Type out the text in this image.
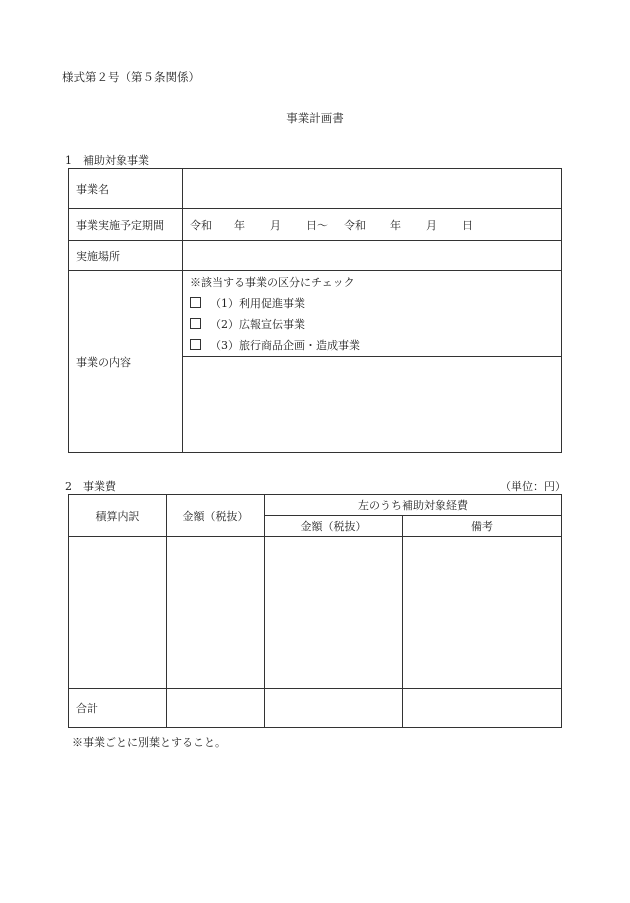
様式第２号（第５条関係）
事業計画書
1　補助対象事業
事業名	
事業実施予定期間	令和 年 月 日〜 令和 年 月 日
実施場所	
事業の内容	※該当する事業の区分にチェック
（1）利用促進事業
（2）広報宣伝事業
（3）旅行商品企画・造成事業

2　事業費	（単位：円）
積算内訳	金額（税抜）	左のうち補助対象経費	
		金額（税抜）	備考

合計			
※事業ごとに別葉とすること。
